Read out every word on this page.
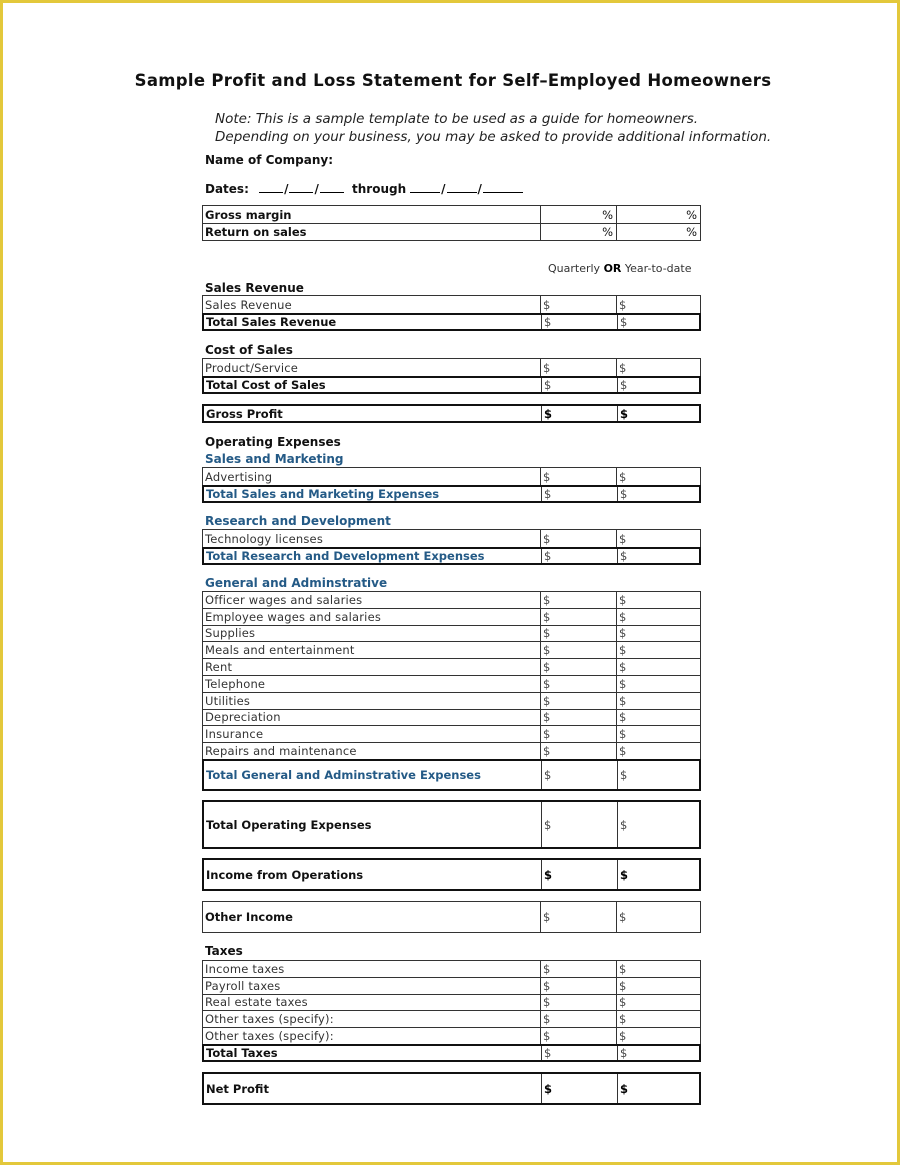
Sample Profit and Loss Statement for Self–Employed Homeowners
Note: This is a sample template to be used as a guide for homeowners.
Depending on your business, you may be asked to provide additional information.
Name of Company:
Dates:	/ /	through	/	/
Gross margin	%	%
Return on sales	%	%
Quarterly OR Year-to-date
Sales Revenue
Sales Revenue	$	$
Total Sales Revenue	$	$
Cost of Sales
Product/Service	$	$
Total Cost of Sales	$	$
Gross Profit	$	$
Operating Expenses
Sales and Marketing
Advertising	$	$
Total Sales and Marketing Expenses	$	$
Research and Development
Technology licenses	$	$
Total Research and Development Expenses	$	$
General and Adminstrative
Officer wages and salaries	$	$
Employee wages and salaries	$	$
Supplies	$	$
Meals and entertainment	$	$
Rent	$	$
Telephone	$	$
Utilities	$	$
Depreciation	$	$
Insurance	$	$
Repairs and maintenance	$	$
Total General and Adminstrative Expenses	$	$
Total Operating Expenses	$	$
Income from Operations	$	$
Other Income	$	$
Taxes
Income taxes	$	$
Payroll taxes	$	$
Real estate taxes	$	$
Other taxes (specify):	$	$
Other taxes (specify):	$	$
Total Taxes	$	$
Net Profit	$	$
